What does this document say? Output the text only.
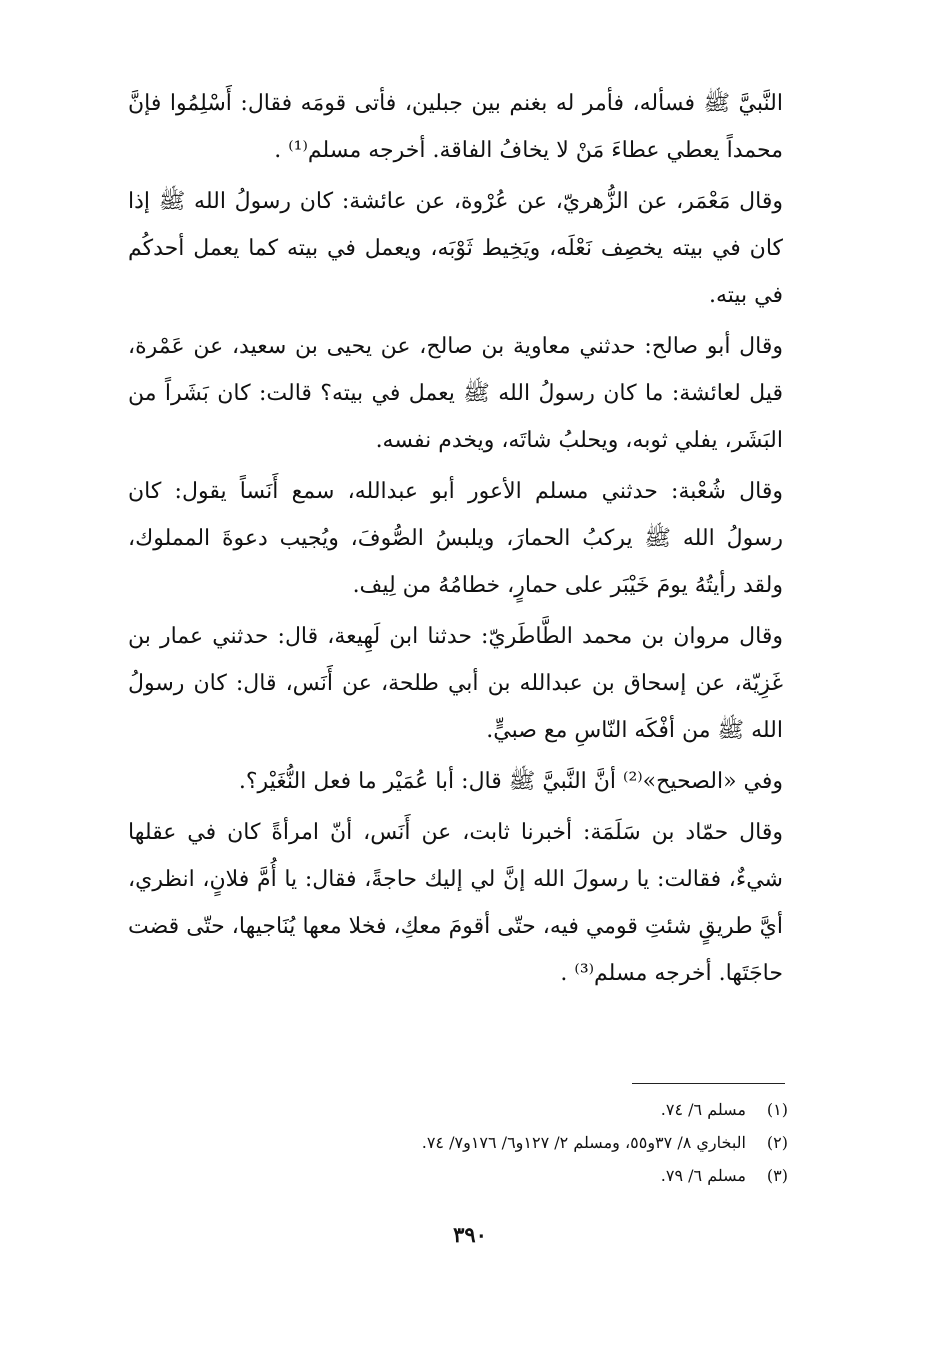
النَّبيَّ ﷺ فسأله، فأمر له بغنم بين جبلين، فأتى قومَه فقال: أَسْلِمُوا فإنَّ محمداً يعطي عطاءَ مَنْ لا يخافُ الفاقة. أخرجه مسلم⁽¹⁾ .

وقال مَعْمَر، عن الزُّهريّ، عن عُرْوة، عن عائشة: كان رسولُ الله ﷺ إذا كان في بيته يخصِف نَعْلَه، ويَخِيط ثَوْبَه، ويعمل في بيته كما يعمل أحدكُم في بيته.

وقال أبو صالح: حدثني معاوية بن صالح، عن يحيى بن سعيد، عن عَمْرة، قيل لعائشة: ما كان رسولُ الله ﷺ يعمل في بيته؟ قالت: كان بَشَراً من البَشَر، يفلي ثوبه، ويحلبُ شاتَه، ويخدم نفسه.

وقال شُعْبة: حدثني مسلم الأعور أبو عبدالله، سمع أَنَساً يقول: كان رسولُ الله ﷺ يركبُ الحمارَ، ويلبسُ الصُّوفَ، ويُجيب دعوةَ المملوك، ولقد رأيتُهُ يومَ خَيْبَر على حمارٍ، خطامُهُ من لِيف.

وقال مروان بن محمد الطَّاطَريّ: حدثنا ابن لَهِيعة، قال: حدثني عمار بن غَزِيّة، عن إسحاق بن عبدالله بن أبي طلحة، عن أَنَس، قال: كان رسولُ الله ﷺ من أفْكَه النّاسِ مع صبيٍّ.

وفي «الصحيح»⁽²⁾ أنَّ النَّبيَّ ﷺ قال: أبا عُمَيْر ما فعل النُّغَيْر؟.

وقال حمّاد بن سَلَمَة: أخبرنا ثابت، عن أَنَس، أنّ امرأةً كان في عقلها شيءٌ، فقالت: يا رسولَ الله إنَّ لي إليك حاجةً، فقال: يا أُمَّ فلانٍ، انظري، أيَّ طريقٍ شئتِ قومي فيه، حتّى أقومَ معكِ، فخلا معها يُنَاجيها، حتّى قضت حاجَتَها. أخرجه مسلم⁽³⁾ .

(١)
مسلم ٦/ ٧٤.
(٢)
البخاري ٨/ ٣٧و٥٥، ومسلم ٢/ ١٢٧و٦/ ١٧٦و٧/ ٧٤.
(٣)
مسلم ٦/ ٧٩.
٣٩٠
